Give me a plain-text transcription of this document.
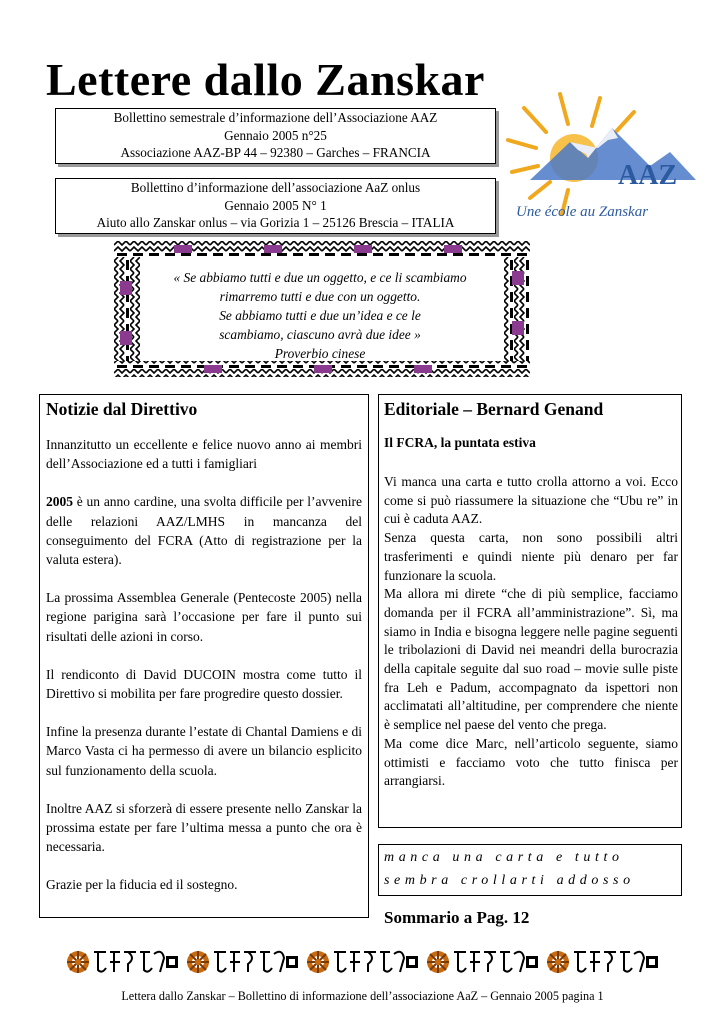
Lettere dallo Zanskar
Bollettino semestrale d’informazione dell’Associazione AAZ
Gennaio 2005 n°25
Associazione AAZ-BP 44 – 92380 – Garches – FRANCIA
Bollettino d’informazione dell’associazione AaZ onlus
Gennaio 2005 N° 1
Aiuto allo Zanskar onlus – via Gorizia 1 – 25126 Brescia – ITALIA
AAZ
Une école au Zanskar
« Se abbiamo tutti e due un oggetto, e ce li scambiamo
rimarremo tutti e due con un oggetto.
Se abbiamo tutti e due un’idea e ce le
scambiamo, ciascuno avrà due idee »
Proverbio cinese
Notizie dal Direttivo

Innanzitutto un eccellente e felice nuovo anno ai membri dell’Associazione ed a tutti i famigliari

2005 è un anno cardine, una svolta difficile per l’avvenire delle relazioni AAZ/LMHS in mancanza del conseguimento del FCRA (Atto di registrazione per la valuta estera).

La prossima Assemblea Generale (Pentecoste 2005) nella regione parigina sarà l’occasione per fare il punto sui risultati delle azioni in corso.

Il rendiconto di David DUCOIN mostra come tutto il Direttivo si mobilita per fare progredire questo dossier.

Infine la presenza durante l’estate di Chantal Damiens e di Marco Vasta ci ha permesso di avere un bilancio esplicito sul funzionamento della scuola.

Inoltre AAZ si sforzerà di essere presente nello Zanskar la prossima estate per fare l’ultima messa a punto che ora è necessaria.

Grazie per la fiducia ed il sostegno.

Editoriale – Bernard Genand
Il FCRA, la puntata estiva

Vi manca una carta e tutto crolla attorno a voi. Ecco come si può riassumere la situazione che “Ubu re” in cui è caduta AAZ.

Senza questa carta, non sono possibili altri trasferimenti e quindi niente più denaro per far funzionare la scuola.

Ma allora mi direte “che di più semplice, facciamo domanda per il FCRA all’amministrazione”. Sì, ma siamo in India e bisogna leggere nelle pagine seguenti le tribolazioni di David nei meandri della burocrazia della capitale seguite dal suo road – movie sulle piste fra Leh e Padum, accompagnato da ispettori non acclimatati all’altitudine, per comprendere che niente è semplice nel paese del vento che prega.

Ma come dice Marc, nell’articolo seguente, siamo ottimisti e facciamo voto che tutto finisca per arrangiarsi.

manca una carta e tutto sembra crollarti addosso
Sommario a Pag. 12
Lettera dallo Zanskar – Bollettino di informazione dell’associazione AaZ – Gennaio 2005 pagina 1
